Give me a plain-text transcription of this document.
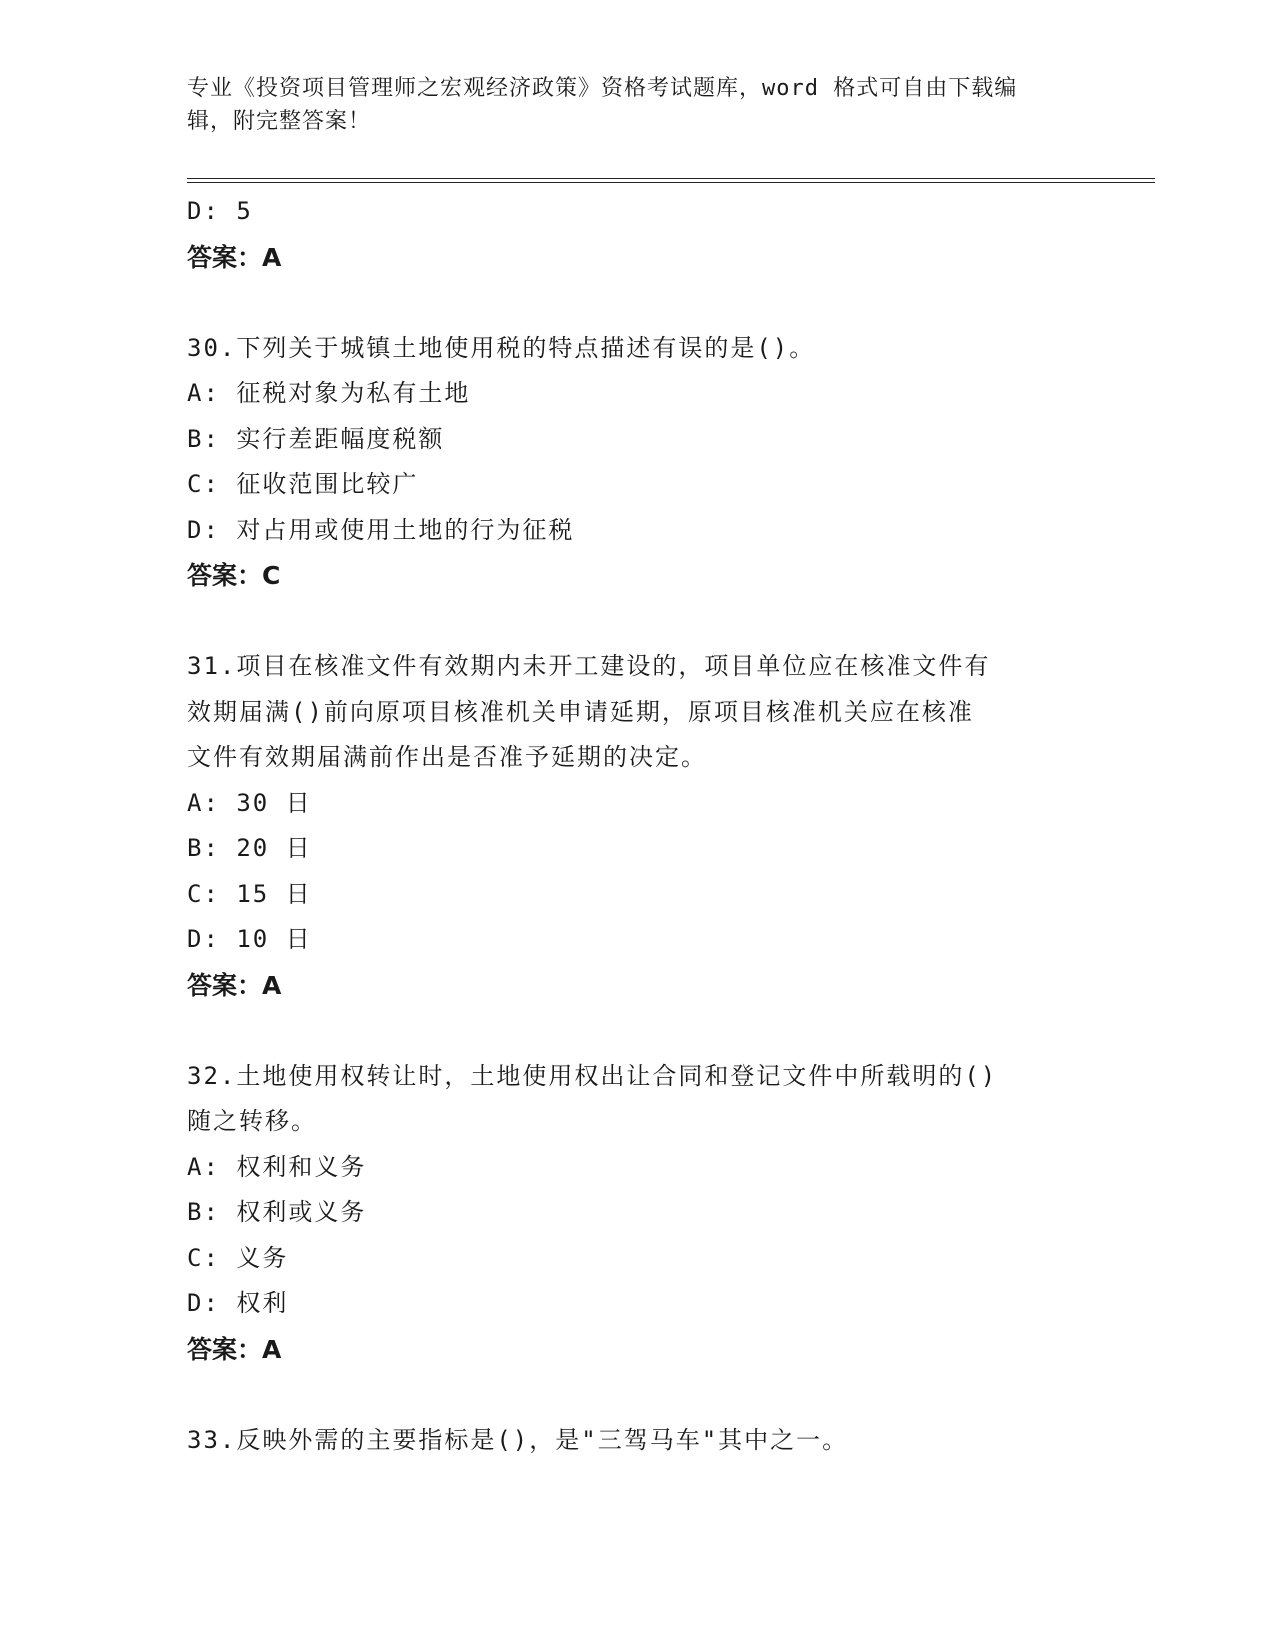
专业《投资项目管理师之宏观经济政策》资格考试题库，word 格式可自由下载编
辑，附完整答案！
D: 5
答案：A
30.下列关于城镇土地使用税的特点描述有误的是()。
A: 征税对象为私有土地
B: 实行差距幅度税额
C: 征收范围比较广
D: 对占用或使用土地的行为征税
答案：C
31.项目在核准文件有效期内未开工建设的，项目单位应在核准文件有
效期届满()前向原项目核准机关申请延期，原项目核准机关应在核准
文件有效期届满前作出是否准予延期的决定。
A: 30 日
B: 20 日
C: 15 日
D: 10 日
答案：A
32.土地使用权转让时，土地使用权出让合同和登记文件中所载明的()
随之转移。
A: 权利和义务
B: 权利或义务
C: 义务
D: 权利
答案：A
33.反映外需的主要指标是()，是"三驾马车"其中之一。
